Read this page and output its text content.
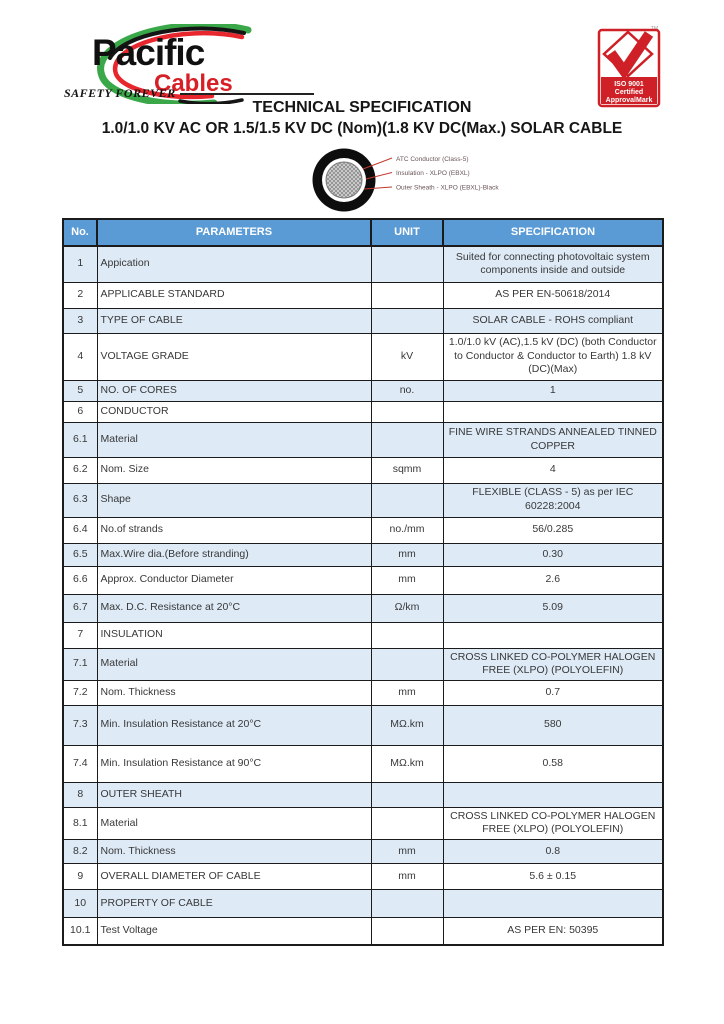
Pacific
Cables
SAFETY FOREVER
ISO 9001
Certified
ApprovalMark
TECHNICAL SPECIFICATION
1.0/1.0 KV AC OR 1.5/1.5 KV DC (Nom)(1.8 KV DC(Max.) SOLAR CABLE
ATC Conductor (Class-5)
Insulation - XLPO (EBXL)
Outer Sheath - XLPO (EBXL)-Black
No.	PARAMETERS	UNIT	SPECIFICATION
1	Appication		Suited for connecting photovoltaic system components inside and outside
2	APPLICABLE STANDARD		AS PER EN-50618/2014
3	TYPE OF CABLE		SOLAR CABLE - ROHS compliant
4	VOLTAGE GRADE	kV	1.0/1.0 kV (AC),1.5 kV (DC) (both Conductor to Conductor & Conductor to Earth) 1.8 kV (DC)(Max)
5	NO. OF CORES	no.	1
6	CONDUCTOR		
6.1	Material		FINE WIRE STRANDS ANNEALED TINNED COPPER
6.2	Nom. Size	sqmm	4
6.3	Shape		FLEXIBLE (CLASS - 5) as per IEC 60228:2004
6.4	No.of strands	no./mm	56/0.285
6.5	Max.Wire dia.(Before stranding)	mm	0.30
6.6	Approx. Conductor Diameter	mm	2.6
6.7	Max. D.C. Resistance at 20°C	Ω/km	5.09
7	INSULATION		
7.1	Material		CROSS LINKED CO-POLYMER HALOGEN FREE (XLPO) (POLYOLEFIN)
7.2	Nom. Thickness	mm	0.7
7.3	Min. Insulation Resistance at 20°C	MΩ.km	580
7.4	Min. Insulation Resistance at 90°C	MΩ.km	0.58
8	OUTER SHEATH		
8.1	Material		CROSS LINKED CO-POLYMER HALOGEN FREE (XLPO) (POLYOLEFIN)
8.2	Nom. Thickness	mm	0.8
9	OVERALL DIAMETER OF CABLE	mm	5.6 ± 0.15
10	PROPERTY OF CABLE		
10.1	Test Voltage		AS PER EN: 50395
